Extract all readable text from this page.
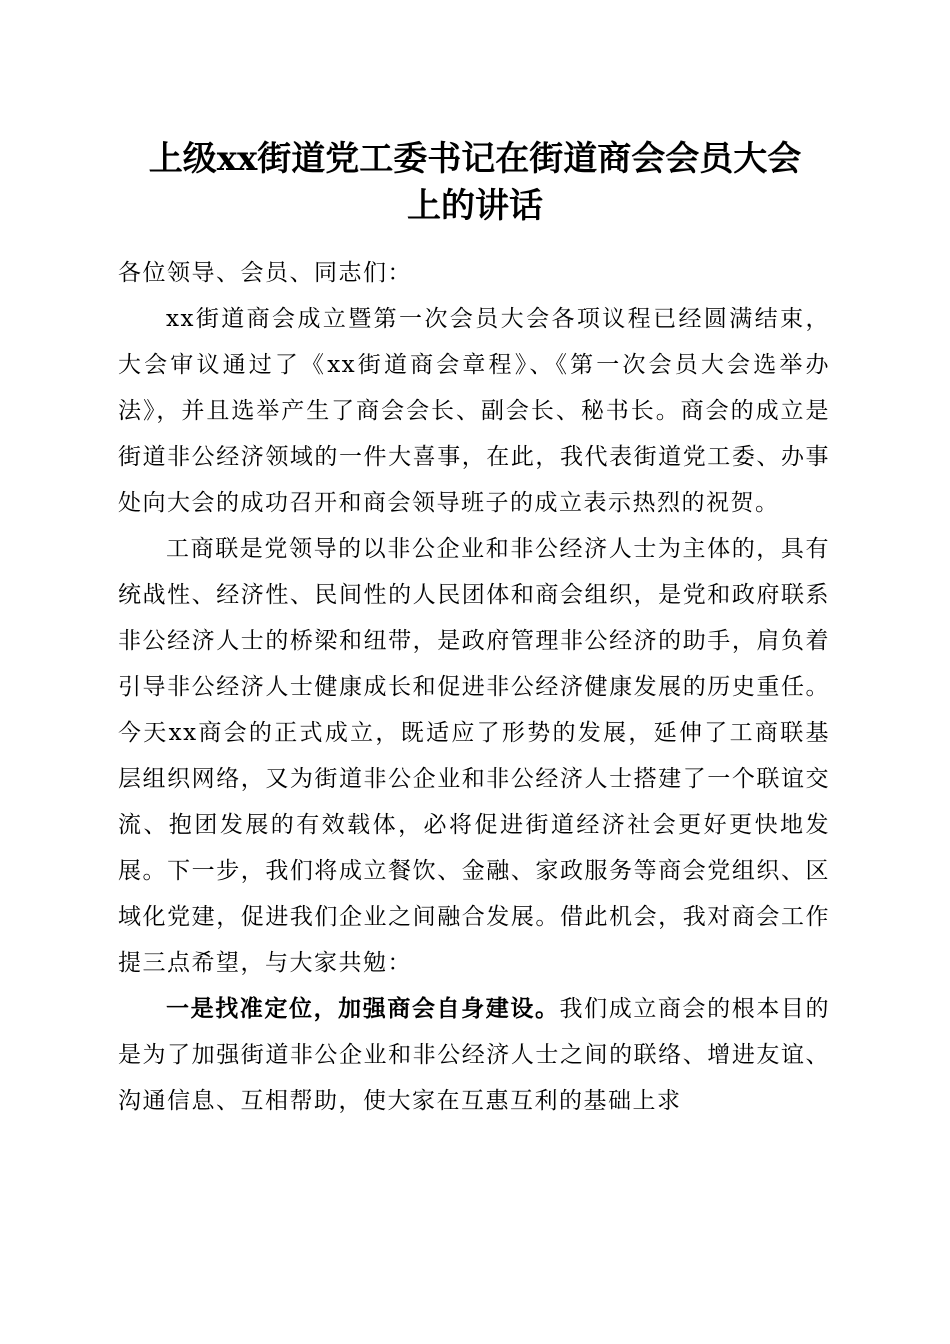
上级xx街道党工委书记在街道商会会员大会
上的讲话

各位领导、会员、同志们：

xx街道商会成立暨第一次会员大会各项议程已经圆满结束，大会审议通过了《xx街道商会章程》、《第一次会员大会选举办法》，并且选举产生了商会会长、副会长、秘书长。商会的成立是街道非公经济领域的一件大喜事，在此，我代表街道党工委、办事处向大会的成功召开和商会领导班子的成立表示热烈的祝贺。

工商联是党领导的以非公企业和非公经济人士为主体的，具有统战性、经济性、民间性的人民团体和商会组织，是党和政府联系非公经济人士的桥梁和纽带，是政府管理非公经济的助手，肩负着引导非公经济人士健康成长和促进非公经济健康发展的历史重任。今天xx商会的正式成立，既适应了形势的发展，延伸了工商联基层组织网络，又为街道非公企业和非公经济人士搭建了一个联谊交流、抱团发展的有效载体，必将促进街道经济社会更好更快地发展。下一步，我们将成立餐饮、金融、家政服务等商会党组织、区域化党建，促进我们企业之间融合发展。借此机会，我对商会工作提三点希望，与大家共勉：

一是找准定位，加强商会自身建设。我们成立商会的根本目的是为了加强街道非公企业和非公经济人士之间的联络、增进友谊、沟通信息、互相帮助，使大家在互惠互利的基础上求
